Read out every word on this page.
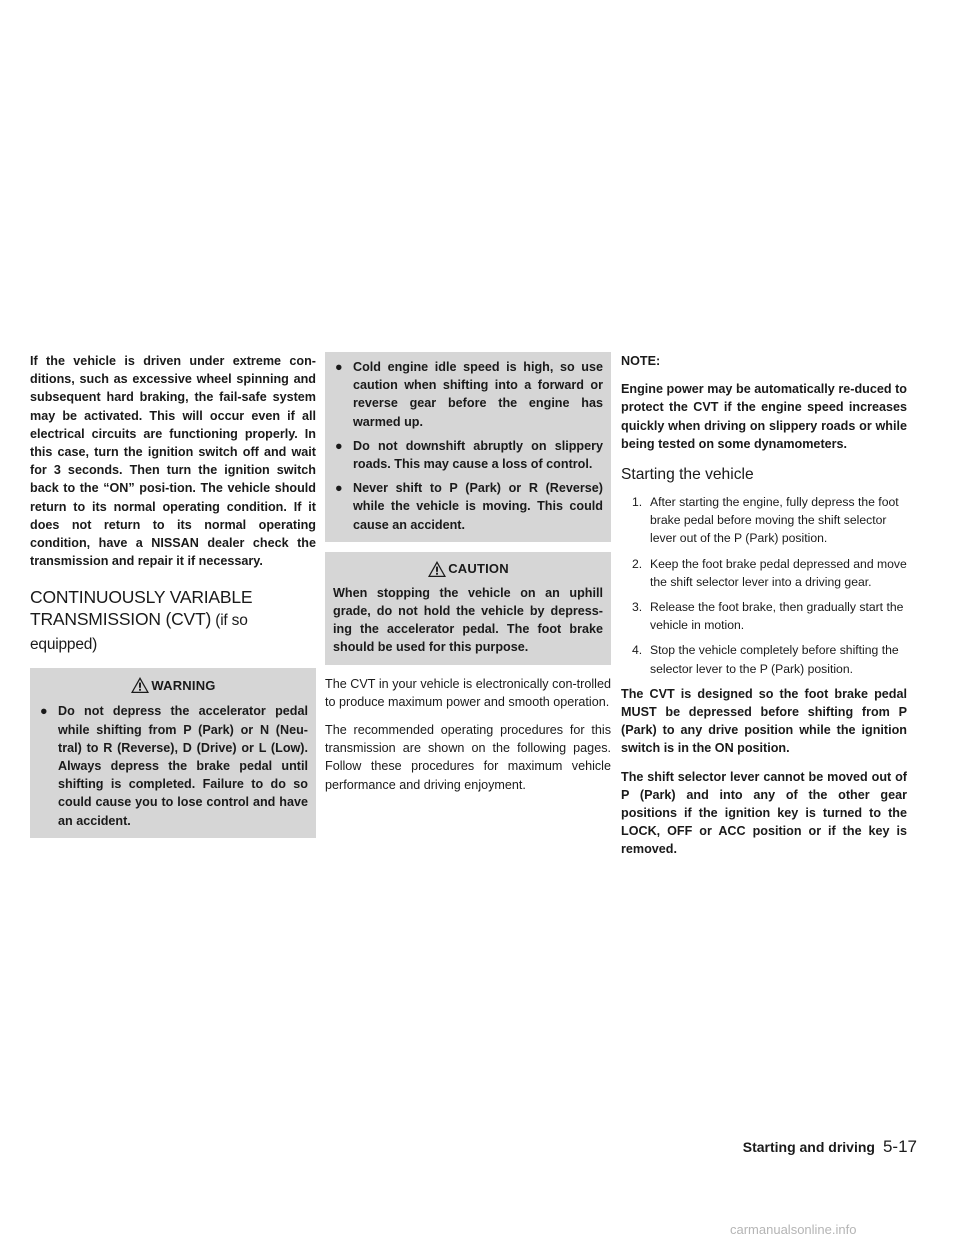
If the vehicle is driven under extreme con-ditions, such as excessive wheel spinning and subsequent hard braking, the fail-safe system may be activated. This will occur even if all electrical circuits are functioning properly. In this case, turn the ignition switch off and wait for 3 seconds. Then turn the ignition switch back to the “ON” posi-tion. The vehicle should return to its normal operating condition. If it does not return to its normal operating condition, have a NISSAN dealer check the transmission and repair it if necessary.

CONTINUOUSLY VARIABLE TRANSMISSION (CVT) (if so equipped)
WARNING
● Do not depress the accelerator pedal while shifting from P (Park) or N (Neu-tral) to R (Reverse), D (Drive) or L (Low). Always depress the brake pedal until shifting is completed. Failure to do so could cause you to lose control and have an accident.
● Cold engine idle speed is high, so use caution when shifting into a forward or reverse gear before the engine has warmed up.
● Do not downshift abruptly on slippery roads. This may cause a loss of control.
● Never shift to P (Park) or R (Reverse) while the vehicle is moving. This could cause an accident.
CAUTION

When stopping the vehicle on an uphill grade, do not hold the vehicle by depress-ing the accelerator pedal. The foot brake should be used for this purpose.

The CVT in your vehicle is electronically con-trolled to produce maximum power and smooth operation.

The recommended operating procedures for this transmission are shown on the following pages. Follow these procedures for maximum vehicle performance and driving enjoyment.

NOTE:

Engine power may be automatically re-duced to protect the CVT if the engine speed increases quickly when driving on slippery roads or while being tested on some dynamometers.

Starting the vehicle
1. After starting the engine, fully depress the foot brake pedal before moving the shift selector lever out of the P (Park) position.
2. Keep the foot brake pedal depressed and move the shift selector lever into a driving gear.
3. Release the foot brake, then gradually start the vehicle in motion.
4. Stop the vehicle completely before shifting the selector lever to the P (Park) position.

The CVT is designed so the foot brake pedal MUST be depressed before shifting from P (Park) to any drive position while the ignition switch is in the ON position.

The shift selector lever cannot be moved out of P (Park) and into any of the other gear positions if the ignition key is turned to the LOCK, OFF or ACC position or if the key is removed.

Starting and driving 5-17
carmanualsonline.info
